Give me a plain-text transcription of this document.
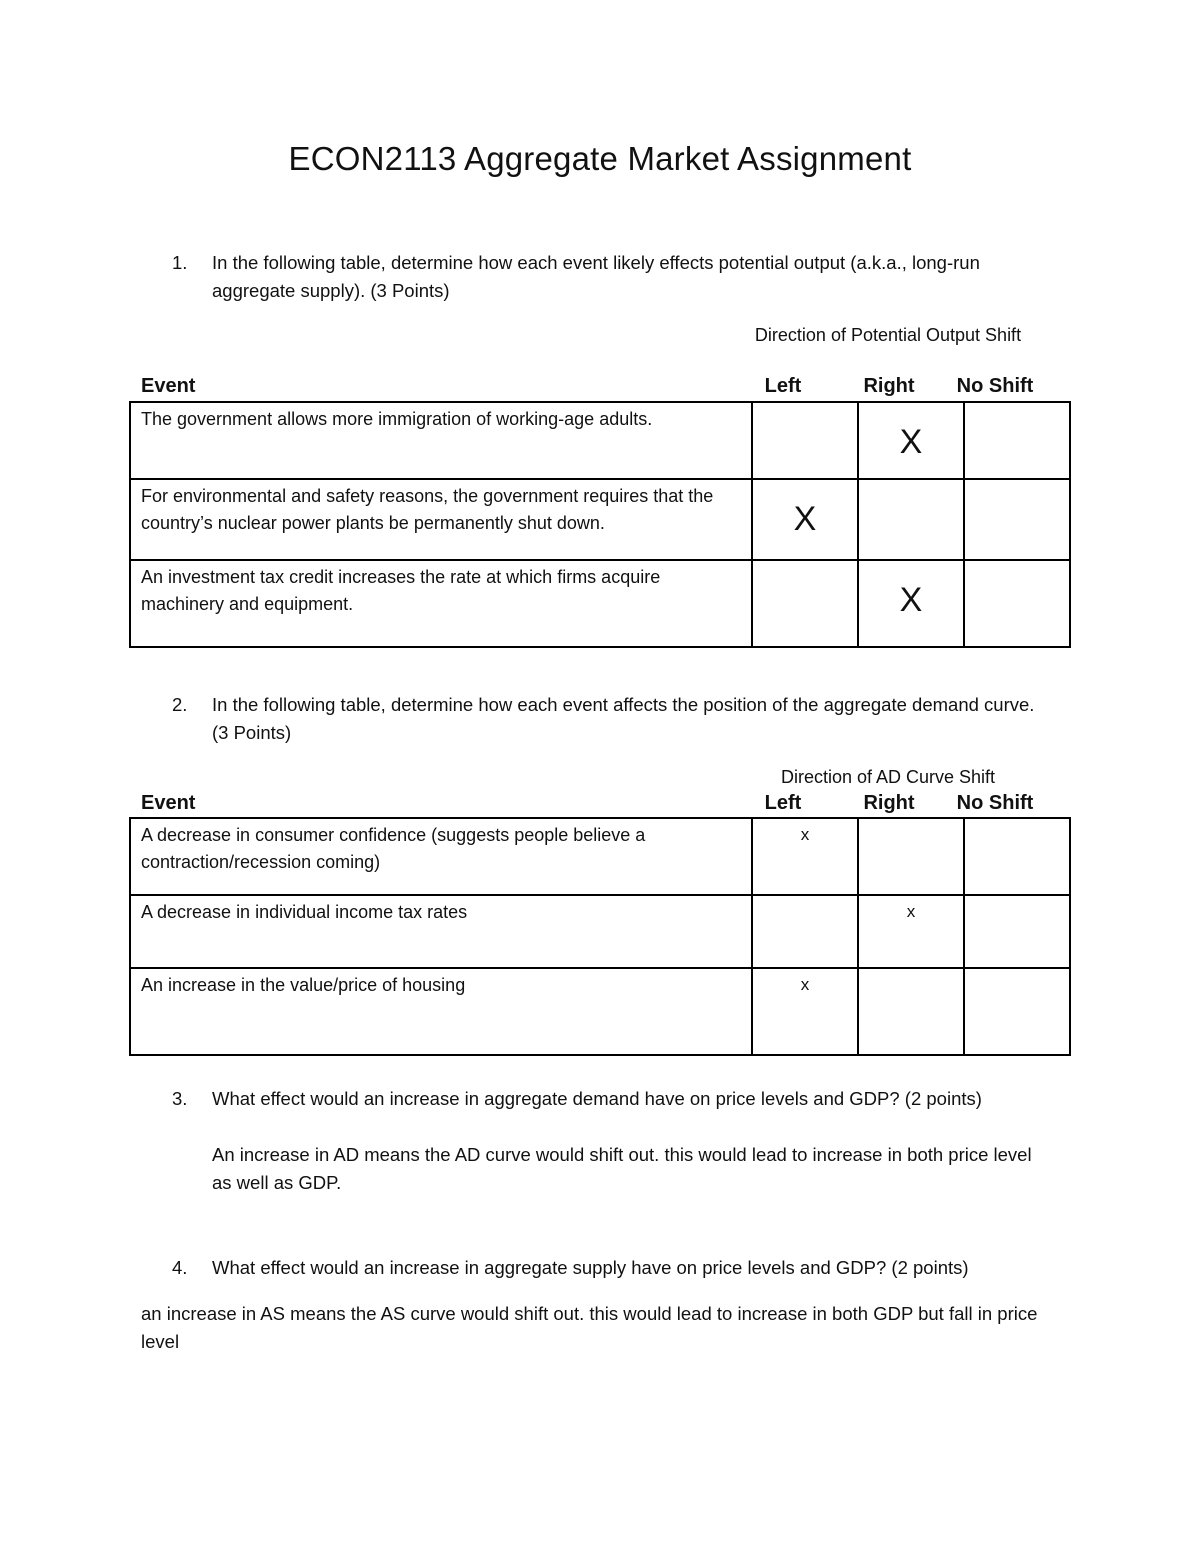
ECON2113 Aggregate Market Assignment
1. In the following table, determine how each event likely effects potential output (a.k.a., long-run aggregate supply). (3 Points)
Direction of Potential Output Shift
Event	Left	Right	No Shift
The government allows more immigration of working-age adults.		X	
For environmental and safety reasons, the government requires that the country’s nuclear power plants be permanently shut down.	X		
An investment tax credit increases the rate at which firms acquire machinery and equipment.		X	
2. In the following table, determine how each event affects the position of the aggregate demand curve. (3 Points)
Direction of AD Curve Shift
Event	Left	Right	No Shift
A decrease in consumer confidence (suggests people believe a contraction/recession coming)	x		
A decrease in individual income tax rates		x	
An increase in the value/price of housing	x		
3. What effect would an increase in aggregate demand have on price levels and GDP? (2 points)
An increase in AD means the AD curve would shift out. this would lead to increase in both price level as well as GDP.
4. What effect would an increase in aggregate supply have on price levels and GDP? (2 points)
an increase in AS means the AS curve would shift out. this would lead to increase in both GDP but fall in price level
